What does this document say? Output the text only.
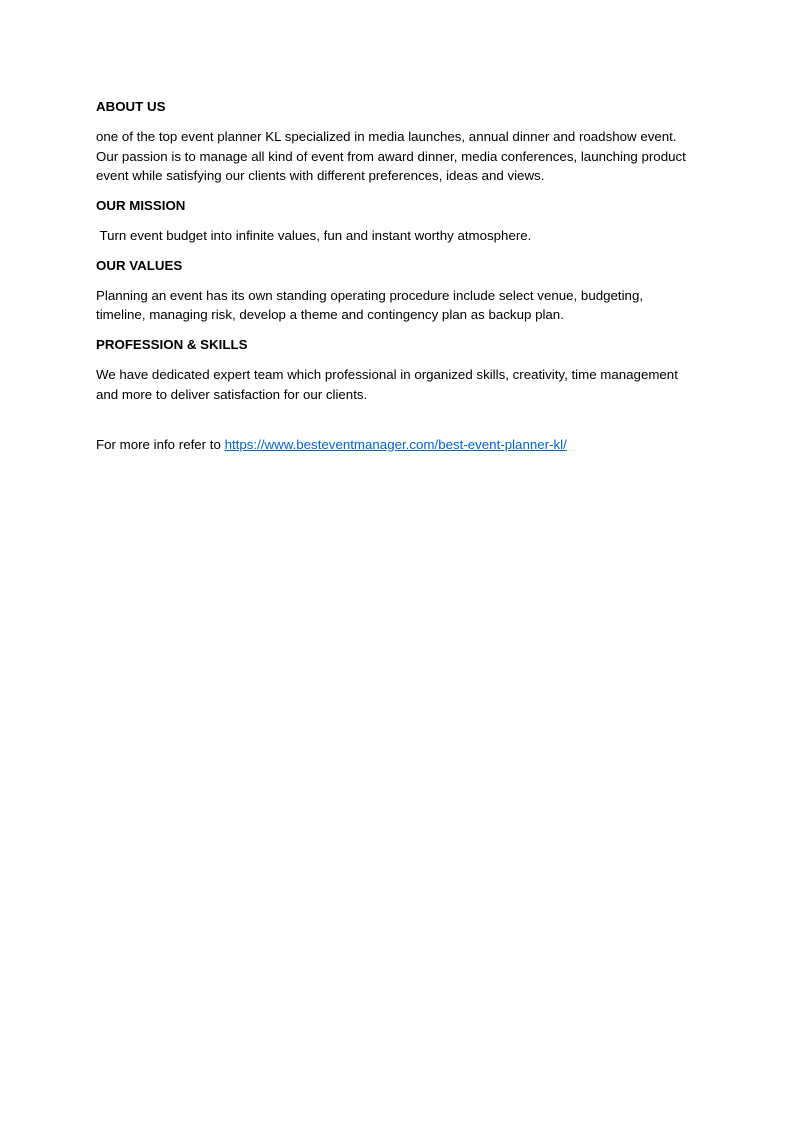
ABOUT US
one of the top event planner KL specialized in media launches, annual dinner and roadshow event.
Our passion is to manage all kind of event from award dinner, media conferences, launching product
event while satisfying our clients with different preferences, ideas and views.
OUR MISSION
Turn event budget into infinite values, fun and instant worthy atmosphere.
OUR VALUES
Planning an event has its own standing operating procedure include select venue, budgeting,
timeline, managing risk, develop a theme and contingency plan as backup plan.
PROFESSION & SKILLS
We have dedicated expert team which professional in organized skills, creativity, time management
and more to deliver satisfaction for our clients.
For more info refer to https://www.besteventmanager.com/best-event-planner-kl/
